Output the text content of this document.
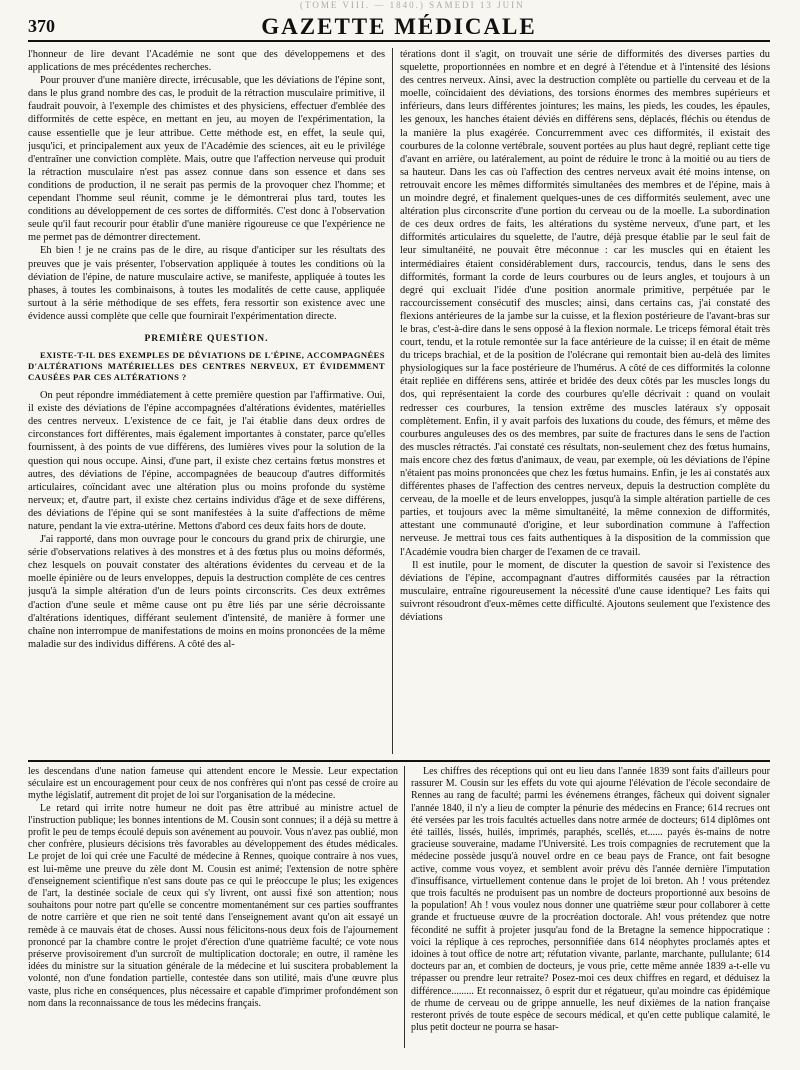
(TOME VIII. — 1840.) SAMEDI 13 JUIN
370	GAZETTE MÉDICALE

l'honneur de lire devant l'Académie ne sont que des développemens et des applications de mes précédentes recherches.

Pour prouver d'une manière directe, irrécusable, que les déviations de l'épine sont, dans le plus grand nombre des cas, le produit de la rétraction musculaire primitive, il faudrait pouvoir, à l'exemple des chimistes et des physiciens, effectuer d'emblée des difformités de cette espèce, en mettant en jeu, au moyen de l'expérimentation, la cause essentielle que je leur attribue. Cette méthode est, en effet, la seule qui, jusqu'ici, et principalement aux yeux de l'Académie des sciences, ait eu le privilége d'entraîner une conviction complète. Mais, outre que l'affection nerveuse qui produit la rétraction musculaire n'est pas assez connue dans son essence et dans ses conditions de production, il ne serait pas permis de la provoquer chez l'homme; et cependant l'homme seul réunit, comme je le démontrerai plus tard, toutes les conditions au développement de ces sortes de difformités. C'est donc à l'observation seule qu'il faut recourir pour établir d'une manière rigoureuse ce que l'expérience ne me permet pas de démontrer directement.

Eh bien ! je ne crains pas de le dire, au risque d'anticiper sur les résultats des preuves que je vais présenter, l'observation appliquée à toutes les conditions où la déviation de l'épine, de nature musculaire active, se manifeste, appliquée à toutes les phases, à toutes les combinaisons, à toutes les modalités de cette cause, appliquée surtout à la série méthodique de ses effets, fera ressortir son existence avec une évidence aussi complète que celle que fournirait l'expérimentation directe.

PREMIÈRE QUESTION.
EXISTE-T-IL DES EXEMPLES DE DÉVIATIONS DE L'ÉPINE, ACCOMPAGNÉES D'ALTÉRATIONS MATÉRIELLES DES CENTRES NERVEUX, ET ÉVIDEMMENT CAUSÉES PAR CES ALTÉRATIONS ?

On peut répondre immédiatement à cette première question par l'affirmative. Oui, il existe des déviations de l'épine accompagnées d'altérations évidentes, matérielles des centres nerveux. L'existence de ce fait, je l'ai établie dans deux ordres de circonstances fort différentes, mais également importantes à constater, parce qu'elles fournissent, à des points de vue différens, des lumières vives pour la solution de la question qui nous occupe. Ainsi, d'une part, il existe chez certains fœtus monstres et autres, des déviations de l'épine, accompagnées de beaucoup d'autres difformités articulaires, coïncidant avec une altération plus ou moins profonde du système nerveux; et, d'autre part, il existe chez certains individus d'âge et de sexe différens, des déviations de l'épine qui se sont manifestées à la suite d'affections de même nature, pendant la vie extra-utérine. Mettons d'abord ces deux faits hors de doute.

J'ai rapporté, dans mon ouvrage pour le concours du grand prix de chirurgie, une série d'observations relatives à des monstres et à des fœtus plus ou moins déformés, chez lesquels on pouvait constater des altérations évidentes du cerveau et de la moelle épinière ou de leurs enveloppes, depuis la destruction complète de ces centres jusqu'à la simple altération d'un de leurs points circonscrits. Ces deux extrêmes d'action d'une seule et même cause ont pu être liés par une série décroissante d'altérations identiques, différant seulement d'intensité, de manière à former une chaîne non interrompue de manifestations de moins en moins prononcées de la même maladie sur des individus différens. A côté des al-

térations dont il s'agit, on trouvait une série de difformités des diverses parties du squelette, proportionnées en nombre et en degré à l'étendue et à l'intensité des lésions des centres nerveux. Ainsi, avec la destruction complète ou partielle du cerveau et de la moelle, coïncidaient des déviations, des torsions énormes des membres supérieurs et inférieurs, dans leurs différentes jointures; les mains, les pieds, les coudes, les épaules, les genoux, les hanches étaient déviés en différens sens, déplacés, fléchis ou étendus de la manière la plus exagérée. Concurremment avec ces difformités, il existait des courbures de la colonne vertébrale, souvent portées au plus haut degré, repliant cette tige d'avant en arrière, ou latéralement, au point de réduire le tronc à la moitié ou au tiers de sa hauteur. Dans les cas où l'affection des centres nerveux avait été moins intense, on retrouvait encore les mêmes difformités simultanées des membres et de l'épine, mais à un moindre degré, et finalement quelques-unes de ces difformités seulement, avec une altération plus circonscrite d'une portion du cerveau ou de la moelle. La subordination de ces deux ordres de faits, les altérations du système nerveux, d'une part, et les difformités articulaires du squelette, de l'autre, déjà presque établie par le seul fait de leur simultanéité, ne pouvait être méconnue : car les muscles qui en étaient les intermédiaires étaient considérablement durs, raccourcis, tendus, dans le sens des difformités, formant la corde de leurs courbures ou de leurs angles, et toujours à un degré qui excluait l'idée d'une position anormale primitive, perpétuée par le raccourcissement consécutif des muscles; ainsi, dans certains cas, j'ai constaté des flexions antérieures de la jambe sur la cuisse, et la flexion postérieure de l'avant-bras sur le bras, c'est-à-dire dans le sens opposé à la flexion normale. Le triceps fémoral était très court, tendu, et la rotule remontée sur la face antérieure de la cuisse; il en était de même du triceps brachial, et de la position de l'olécrane qui remontait bien au-delà des limites physiologiques sur la face postérieure de l'humérus. A côté de ces difformités la colonne était repliée en différens sens, attirée et bridée des deux côtés par les muscles longs du dos, qui représentaient la corde des courbures qu'elle décrivait : quand on voulait redresser ces courbures, la tension extrême des muscles latéraux s'y opposait complètement. Enfin, il y avait parfois des luxations du coude, des fémurs, et même des courbures anguleuses des os des membres, par suite de fractures dans le sens de l'action des muscles rétractés. J'ai constaté ces résultats, non-seulement chez des fœtus humains, mais encore chez des fœtus d'animaux, de veau, par exemple, où les déviations de l'épine n'étaient pas moins prononcées que chez les fœtus humains. Enfin, je les ai constatés aux différentes phases de l'affection des centres nerveux, depuis la destruction complète du cerveau, de la moelle et de leurs enveloppes, jusqu'à la simple altération partielle de ces parties, et toujours avec la même simultanéité, la même connexion de difformités, attestant une communauté d'origine, et leur subordination commune à l'affection nerveuse. Je mettrai tous ces faits authentiques à la disposition de la commission que l'Académie voudra bien charger de l'examen de ce travail.

Il est inutile, pour le moment, de discuter la question de savoir si l'existence des déviations de l'épine, accompagnant d'autres difformités causées par la rétraction musculaire, entraîne rigoureusement la nécessité d'une cause identique? Les faits qui suivront résoudront d'eux-mêmes cette difficulté. Ajoutons seulement que l'existence des déviations

les descendans d'une nation fameuse qui attendent encore le Messie. Leur expectation séculaire est un encouragement pour ceux de nos confrères qui n'ont pas cessé de croire au mythe législatif, autrement dit projet de loi sur l'organisation de la médecine.

Le retard qui irrite notre humeur ne doit pas être attribué au ministre actuel de l'instruction publique; les bonnes intentions de M. Cousin sont connues; il a déjà su mettre à profit le peu de temps écoulé depuis son avénement au pouvoir. Vous n'avez pas oublié, mon cher confrère, plusieurs décisions très favorables au développement des études médicales. Le projet de loi qui crée une Faculté de médecine à Rennes, quoique contraire à nos vues, est lui-même une preuve du zèle dont M. Cousin est animé; l'extension de notre sphère d'enseignement scientifique n'est sans doute pas ce qui le préoccupe le plus; les exigences de l'art, la destinée sociale de ceux qui s'y livrent, ont aussi fixé son attention; nous souhaitons pour notre part qu'elle se concentre momentanément sur ces parties souffrantes de notre carrière et que rien ne soit tenté dans l'enseignement avant qu'on ait essayé un remède à ce mauvais état de choses. Aussi nous félicitons-nous deux fois de l'ajournement prononcé par la chambre contre le projet d'érection d'une quatrième faculté; ce vote nous préserve provisoirement d'un surcroît de multiplication doctorale; en outre, il ramène les idées du ministre sur la situation générale de la médecine et lui suscitera probablement la volonté, non d'une fondation partielle, contestée dans son utilité, mais d'une œuvre plus vaste, plus riche en conséquences, plus nécessaire et capable d'imprimer profondément son nom dans la reconnaissance de tous les médecins français.

Les chiffres des réceptions qui ont eu lieu dans l'année 1839 sont faits d'ailleurs pour rassurer M. Cousin sur les effets du vote qui ajourne l'élévation de l'école secondaire de Rennes au rang de faculté; parmi les événemens étranges, fâcheux qui doivent signaler l'année 1840, il n'y a lieu de compter la pénurie des médecins en France; 614 recrues ont été versées par les trois facultés actuelles dans notre armée de docteurs; 614 diplômes ont été taillés, lissés, huilés, imprimés, paraphés, scellés, et...... payés ès-mains de notre gracieuse souveraine, madame l'Université. Les trois compagnies de recrutement que la médecine possède jusqu'à nouvel ordre en ce beau pays de France, ont fait besogne active, comme vous voyez, et semblent avoir prévu dès l'année dernière l'imputation d'insuffisance, virtuellement contenue dans le projet de loi breton. Ah ! vous prétendez que trois facultés ne produisent pas un nombre de docteurs proportionné aux besoins de la population! Ah ! vous voulez nous donner une quatrième sœur pour collaborer à cette grande et fructueuse œuvre de la procréation doctorale. Ah! vous prétendez que notre fécondité ne suffit à projeter jusqu'au fond de la Bretagne la semence hippocratique : voici la réplique à ces reproches, personnifiée dans 614 néophytes proclamés aptes et idoines à tout office de notre art; réfutation vivante, parlante, marchante, pullulante; 614 docteurs par an, et combien de docteurs, je vous prie, cette même année 1839 a-t-elle vu trépasser ou prendre leur retraite? Posez-moi ces deux chiffres en regard, et déduisez la différence......... Et reconnaissez, ô esprit dur et régatueur, qu'au moindre cas épidémique de rhume de cerveau ou de grippe annuelle, les neuf dixièmes de la nation française resteront privés de toute espèce de secours médical, et qu'en cette publique calamité, le plus petit docteur ne pourra se hasar-
